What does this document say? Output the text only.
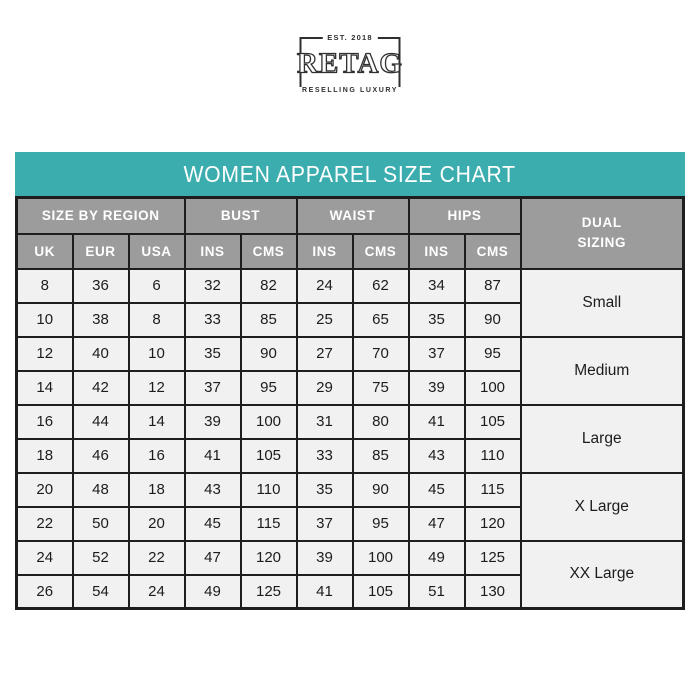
EST. 2018
RETAG
RESELLING LUXURY
WOMEN APPAREL SIZE CHART
SIZE BY REGION			BUST		WAIST		HIPS		DUAL
SIZING
UK	EUR	USA	INS	CMS	INS	CMS	INS	CMS	
8	36	6	32	82	24	62	34	87	Small
10	38	8	33	85	25	65	35	90	
12	40	10	35	90	27	70	37	95	Medium
14	42	12	37	95	29	75	39	100	
16	44	14	39	100	31	80	41	105	Large
18	46	16	41	105	33	85	43	110	
20	48	18	43	110	35	90	45	115	X Large
22	50	20	45	115	37	95	47	120	
24	52	22	47	120	39	100	49	125	XX Large
26	54	24	49	125	41	105	51	130	
